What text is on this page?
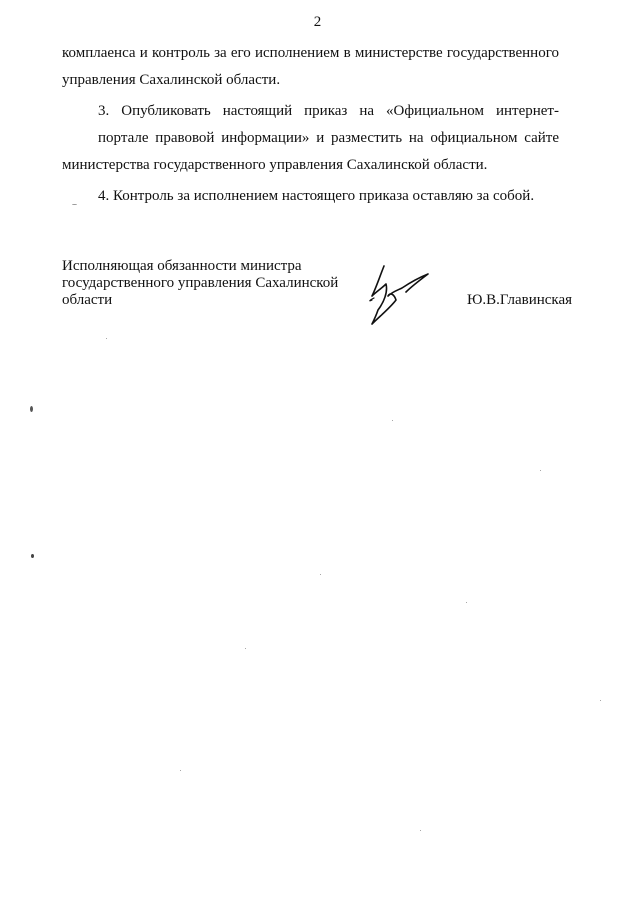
2
комплаенса и контроль за его исполнением в министерстве государственного
управления Сахалинской области.
3. Опубликовать настоящий приказ на «Официальном интернет-
портале правовой информации» и разместить на официальном сайте
министерства государственного управления Сахалинской области.
4. Контроль за исполнением настоящего приказа оставляю за собой.
Исполняющая обязанности министра
государственного управления Сахалинской
области	Ю.В.Главинская
